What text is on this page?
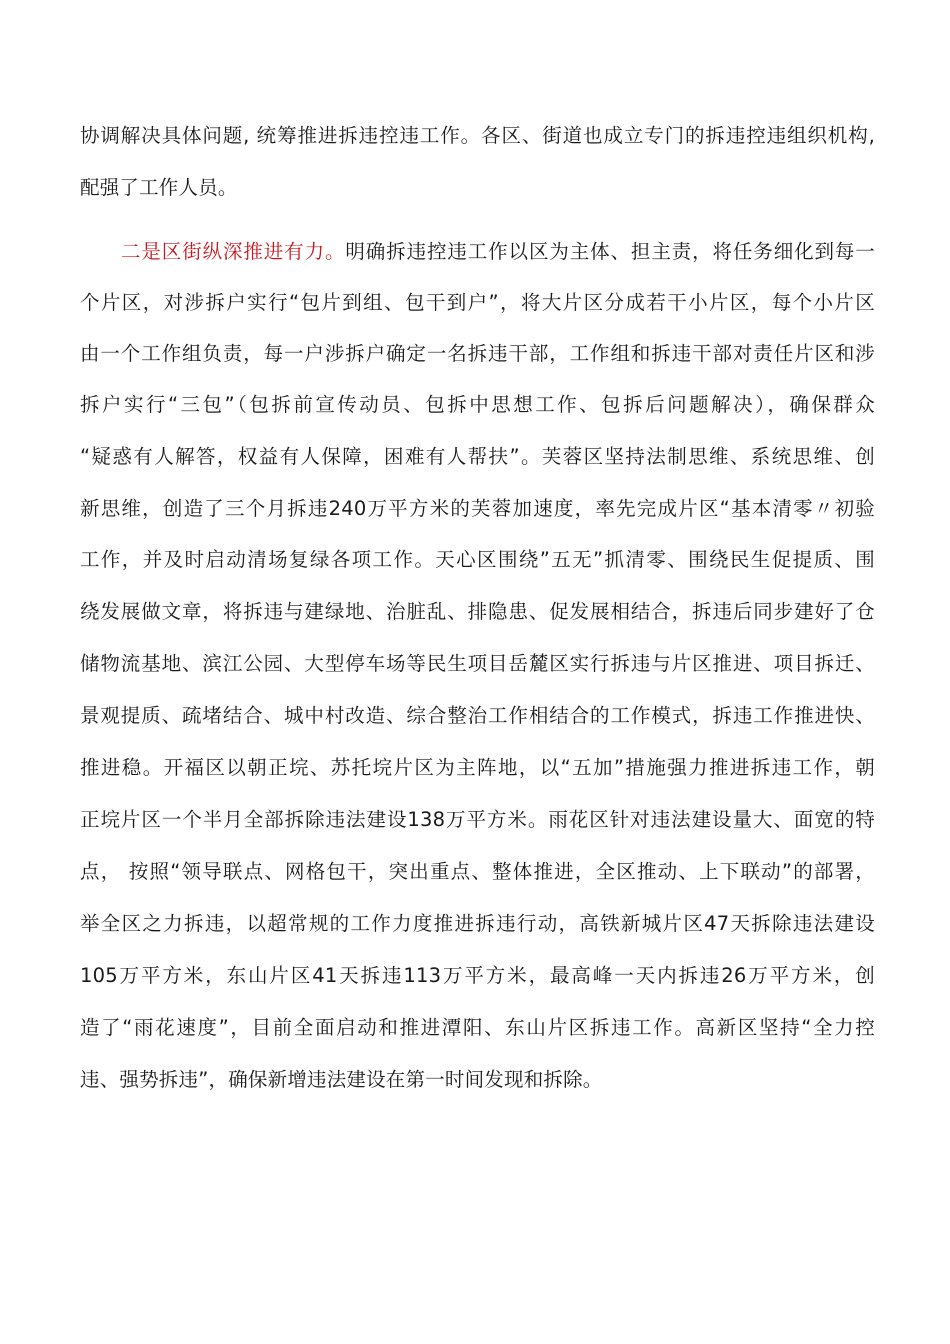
协调解决具体问题, 统筹推进拆违控违工作。各区、街道也成立专门的拆违控违组织机构,
配强了工作人员。
二是区街纵深推进有力。明确拆违控违工作以区为主体、担主责，将任务细化到每一
个片区，对涉拆户实行“包片到组、包干到户”，将大片区分成若干小片区，每个小片区
由一个工作组负责，每一户涉拆户确定一名拆违干部，工作组和拆违干部对责任片区和涉
拆户实行“三包”（包拆前宣传动员、包拆中思想工作、包拆后问题解决），确保群众
“疑惑有人解答，权益有人保障，困难有人帮扶”。芙蓉区坚持法制思维、系统思维、创
新思维，创造了三个月拆违240万平方米的芙蓉加速度，率先完成片区“基本清零〃初验
工作，并及时启动清场复绿各项工作。天心区围绕”五无”抓清零、围绕民生促提质、围
绕发展做文章，将拆违与建绿地、治脏乱、排隐患、促发展相结合，拆违后同步建好了仓
储物流基地、滨江公园、大型停车场等民生项目岳麓区实行拆违与片区推进、项目拆迁、
景观提质、疏堵结合、城中村改造、综合整治工作相结合的工作模式，拆违工作推进快、
推进稳。开福区以朝正垸、苏托垸片区为主阵地，以“五加”措施强力推进拆违工作，朝
正垸片区一个半月全部拆除违法建设138万平方米。雨花区针对违法建设量大、面宽的特
点， 按照“领导联点、网格包干，突出重点、整体推进，全区推动、上下联动”的部署，
举全区之力拆违，以超常规的工作力度推进拆违行动，高铁新城片区47天拆除违法建设
105万平方米，东山片区41天拆违113万平方米，最高峰一天内拆违26万平方米，创
造了“雨花速度”，目前全面启动和推进潭阳、东山片区拆违工作。高新区坚持“全力控
违、强势拆违”，确保新增违法建设在第一时间发现和拆除。
